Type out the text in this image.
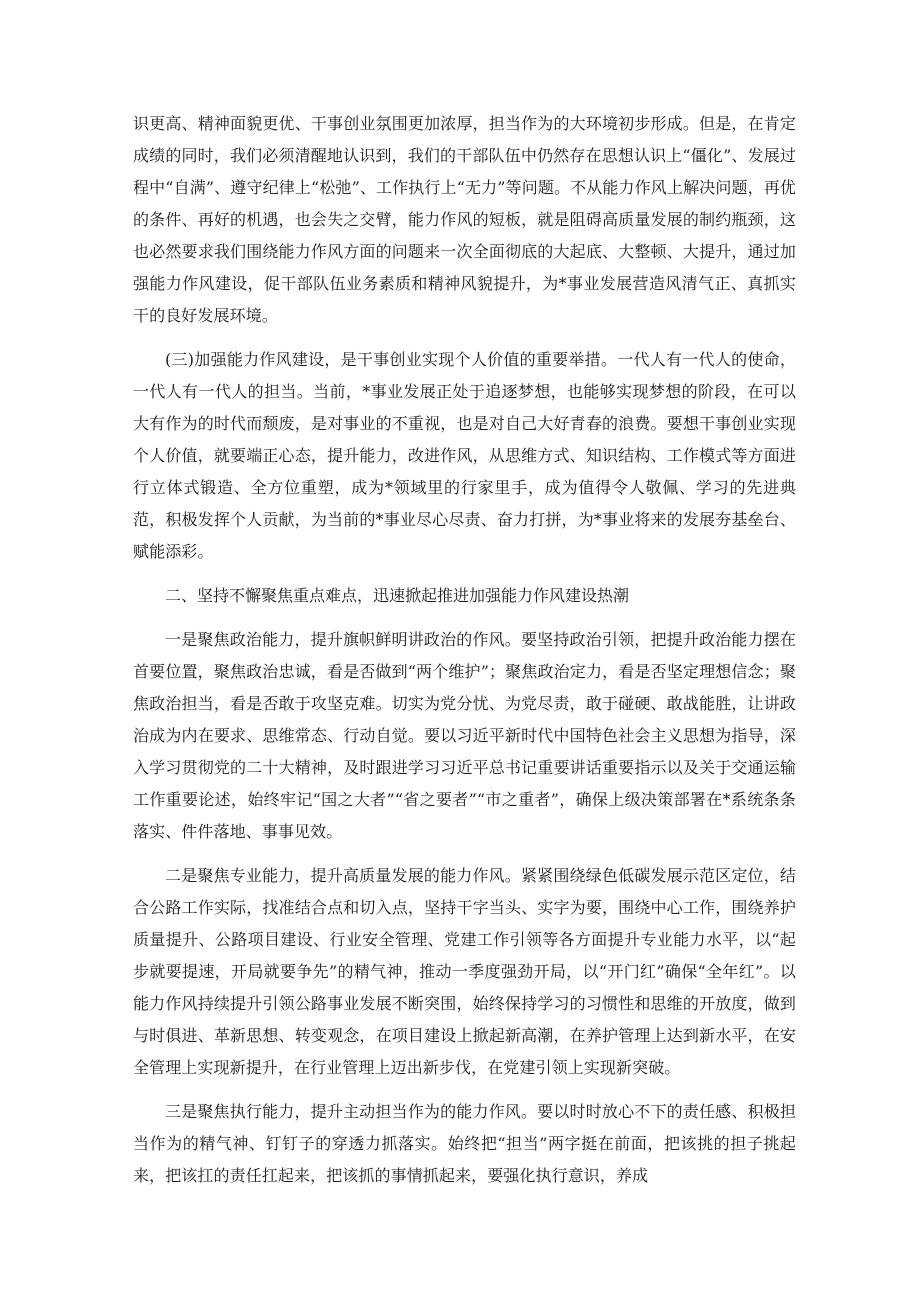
识更高、精神面貌更优、干事创业氛围更加浓厚，担当作为的大环境初步形成。但是，在肯定成绩的同时，我们必须清醒地认识到，我们的干部队伍中仍然存在思想认识上“僵化”、发展过程中“自满”、遵守纪律上“松弛”、工作执行上“无力”等问题。不从能力作风上解决问题，再优的条件、再好的机遇，也会失之交臂，能力作风的短板，就是阻碍高质量发展的制约瓶颈，这也必然要求我们围绕能力作风方面的问题来一次全面彻底的大起底、大整顿、大提升，通过加强能力作风建设，促干部队伍业务素质和精神风貌提升，为*事业发展营造风清气正、真抓实干的良好发展环境。

(三)加强能力作风建设，是干事创业实现个人价值的重要举措。一代人有一代人的使命，一代人有一代人的担当。当前，*事业发展正处于追逐梦想，也能够实现梦想的阶段，在可以大有作为的时代而颓废，是对事业的不重视，也是对自己大好青春的浪费。要想干事创业实现个人价值，就要端正心态，提升能力，改进作风，从思维方式、知识结构、工作模式等方面进行立体式锻造、全方位重塑，成为*领域里的行家里手，成为值得令人敬佩、学习的先进典范，积极发挥个人贡献，为当前的*事业尽心尽责、奋力打拼，为*事业将来的发展夯基垒台、赋能添彩。

二、坚持不懈聚焦重点难点，迅速掀起推进加强能力作风建设热潮

一是聚焦政治能力，提升旗帜鲜明讲政治的作风。要坚持政治引领，把提升政治能力摆在首要位置，聚焦政治忠诚，看是否做到“两个维护”；聚焦政治定力，看是否坚定理想信念；聚焦政治担当，看是否敢于攻坚克难。切实为党分忧、为党尽责，敢于碰硬、敢战能胜，让讲政治成为内在要求、思维常态、行动自觉。要以习近平新时代中国特色社会主义思想为指导，深入学习贯彻党的二十大精神，及时跟进学习习近平总书记重要讲话重要指示以及关于交通运输工作重要论述，始终牢记“国之大者”“省之要者”“市之重者”，确保上级决策部署在*系统条条落实、件件落地、事事见效。

二是聚焦专业能力，提升高质量发展的能力作风。紧紧围绕绿色低碳发展示范区定位，结合公路工作实际，找准结合点和切入点，坚持干字当头、实字为要，围绕中心工作，围绕养护质量提升、公路项目建设、行业安全管理、党建工作引领等各方面提升专业能力水平，以“起步就要提速，开局就要争先”的精气神，推动一季度强劲开局，以“开门红”确保“全年红”。以能力作风持续提升引领公路事业发展不断突围，始终保持学习的习惯性和思维的开放度，做到与时俱进、革新思想、转变观念，在项目建设上掀起新高潮，在养护管理上达到新水平，在安全管理上实现新提升，在行业管理上迈出新步伐，在党建引领上实现新突破。

三是聚焦执行能力，提升主动担当作为的能力作风。要以时时放心不下的责任感、积极担当作为的精气神、钉钉子的穿透力抓落实。始终把“担当”两字挺在前面，把该挑的担子挑起来，把该扛的责任扛起来，把该抓的事情抓起来，要强化执行意识，养成
